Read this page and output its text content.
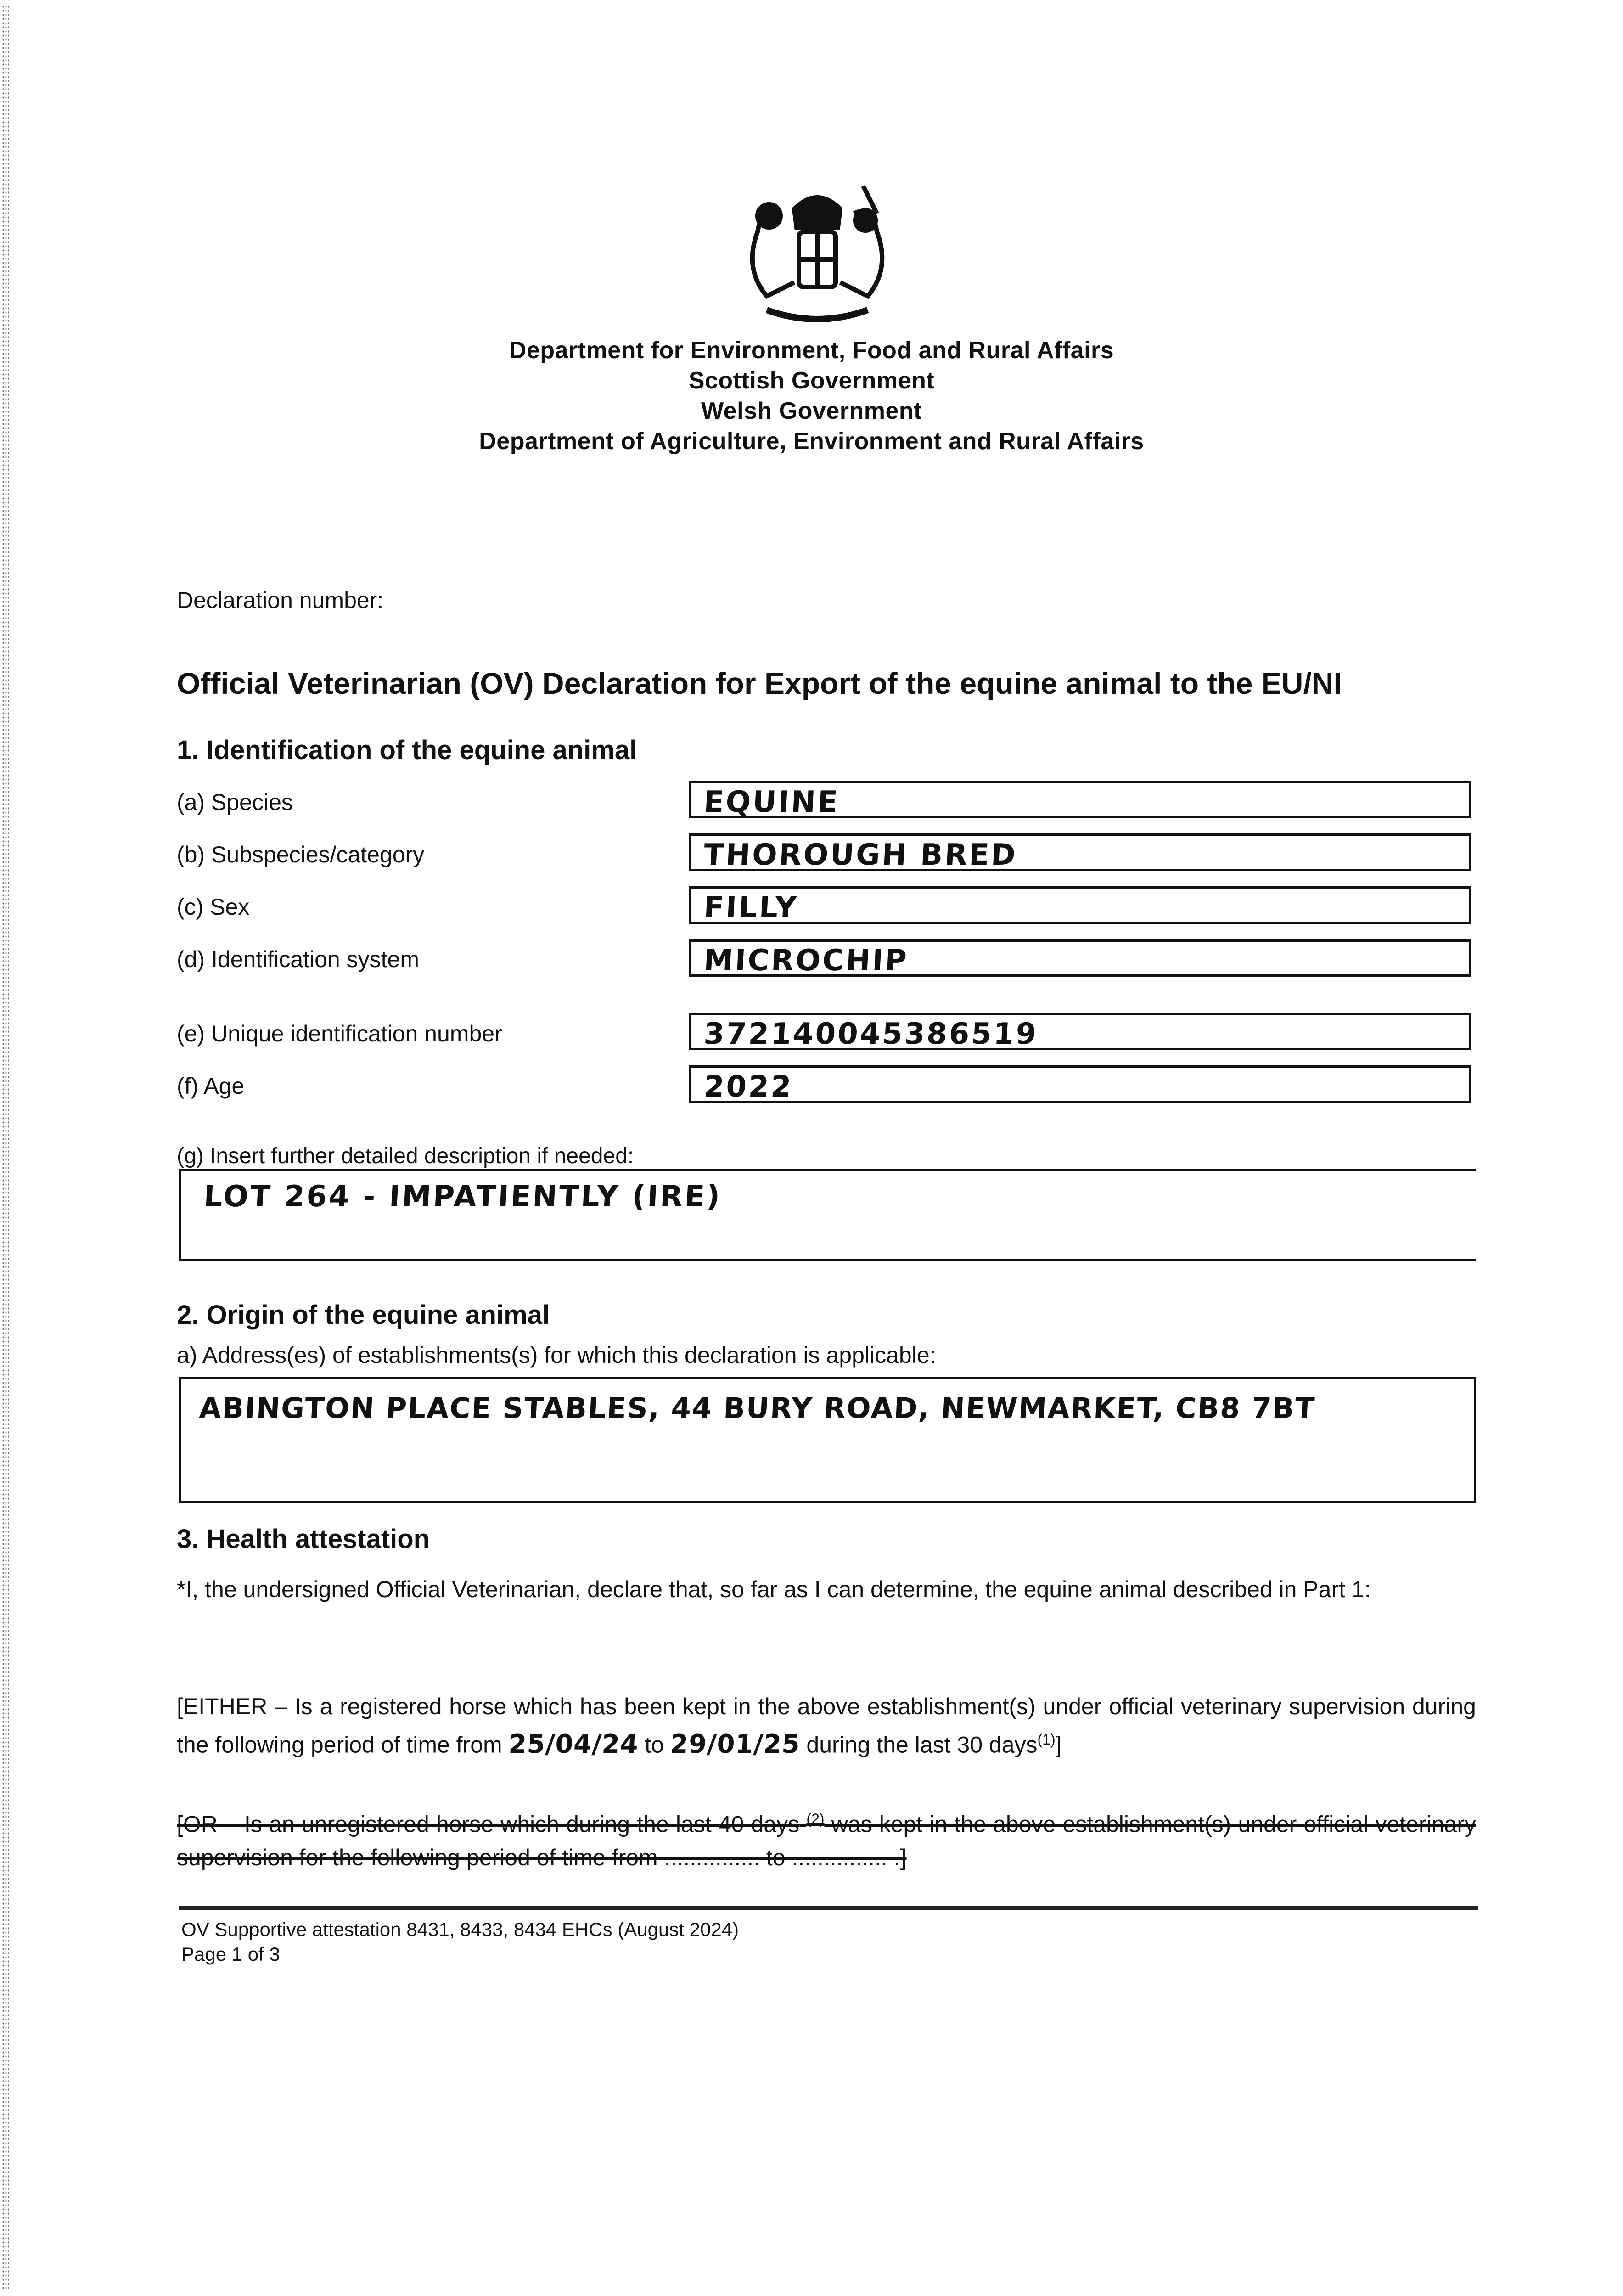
Department for Environment, Food and Rural Affairs
Scottish Government
Welsh Government
Department of Agriculture, Environment and Rural Affairs
Declaration number:
Official Veterinarian (OV) Declaration for Export of the equine animal to the EU/NI
1. Identification of the equine animal
(a) Species	EQUINE
(b) Subspecies/category	THOROUGH BRED
(c) Sex	FILLY
(d) Identification system	MICROCHIP
(e) Unique identification number	372140045386519
(f) Age	2022
(g) Insert further detailed description if needed:
LOT 264 - IMPATIENTLY (IRE)
2. Origin of the equine animal
a) Address(es) of establishments(s) for which this declaration is applicable:
ABINGTON PLACE STABLES, 44 BURY ROAD, NEWMARKET, CB8 7BT
3. Health attestation
*I, the undersigned Official Veterinarian, declare that, so far as I can determine, the equine animal described in Part 1:
[EITHER – Is a registered horse which has been kept in the above establishment(s) under official veterinary supervision during the following period of time from 25/04/24 to 29/01/25 during the last 30 days$^{(1)}$]
[OR – Is an unregistered horse which during the last 40 days $^{(2)}$ was kept in the above establishment(s) under official veterinary supervision for the following period of time from ............... to ............... .]
OV Supportive attestation 8431, 8433, 8434 EHCs (August 2024)
Page 1 of 3
